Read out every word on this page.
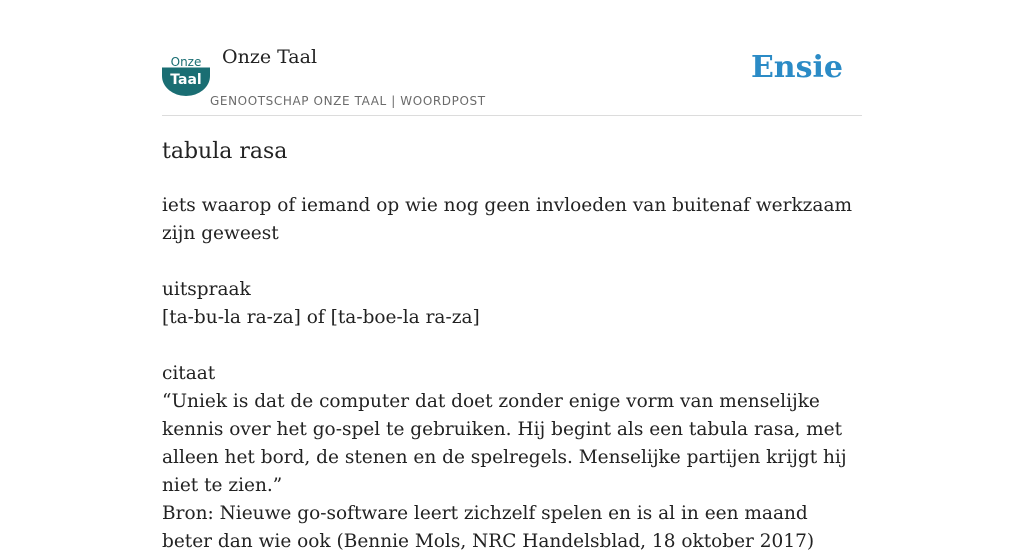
Onze
Taal
Onze Taal
GENOOTSCHAP ONZE TAAL | WOORDPOST
Ensie
tabula rasa

iets waarop of iemand op wie nog geen invloeden van buitenaf werkzaam zijn geweest

uitspraak

[ta-bu-la ra-za] of [ta-boe-la ra-za]

citaat

“Uniek is dat de computer dat doet zonder enige vorm van menselijke kennis over het go-spel te gebruiken. Hij begint als een tabula rasa, met alleen het bord, de stenen en de spelregels. Menselijke partijen krijgt hij niet te zien.”

Bron: Nieuwe go-software leert zichzelf spelen en is al in een maand beter dan wie ook (Bennie Mols, NRC Handelsblad, 18 oktober 2017)
